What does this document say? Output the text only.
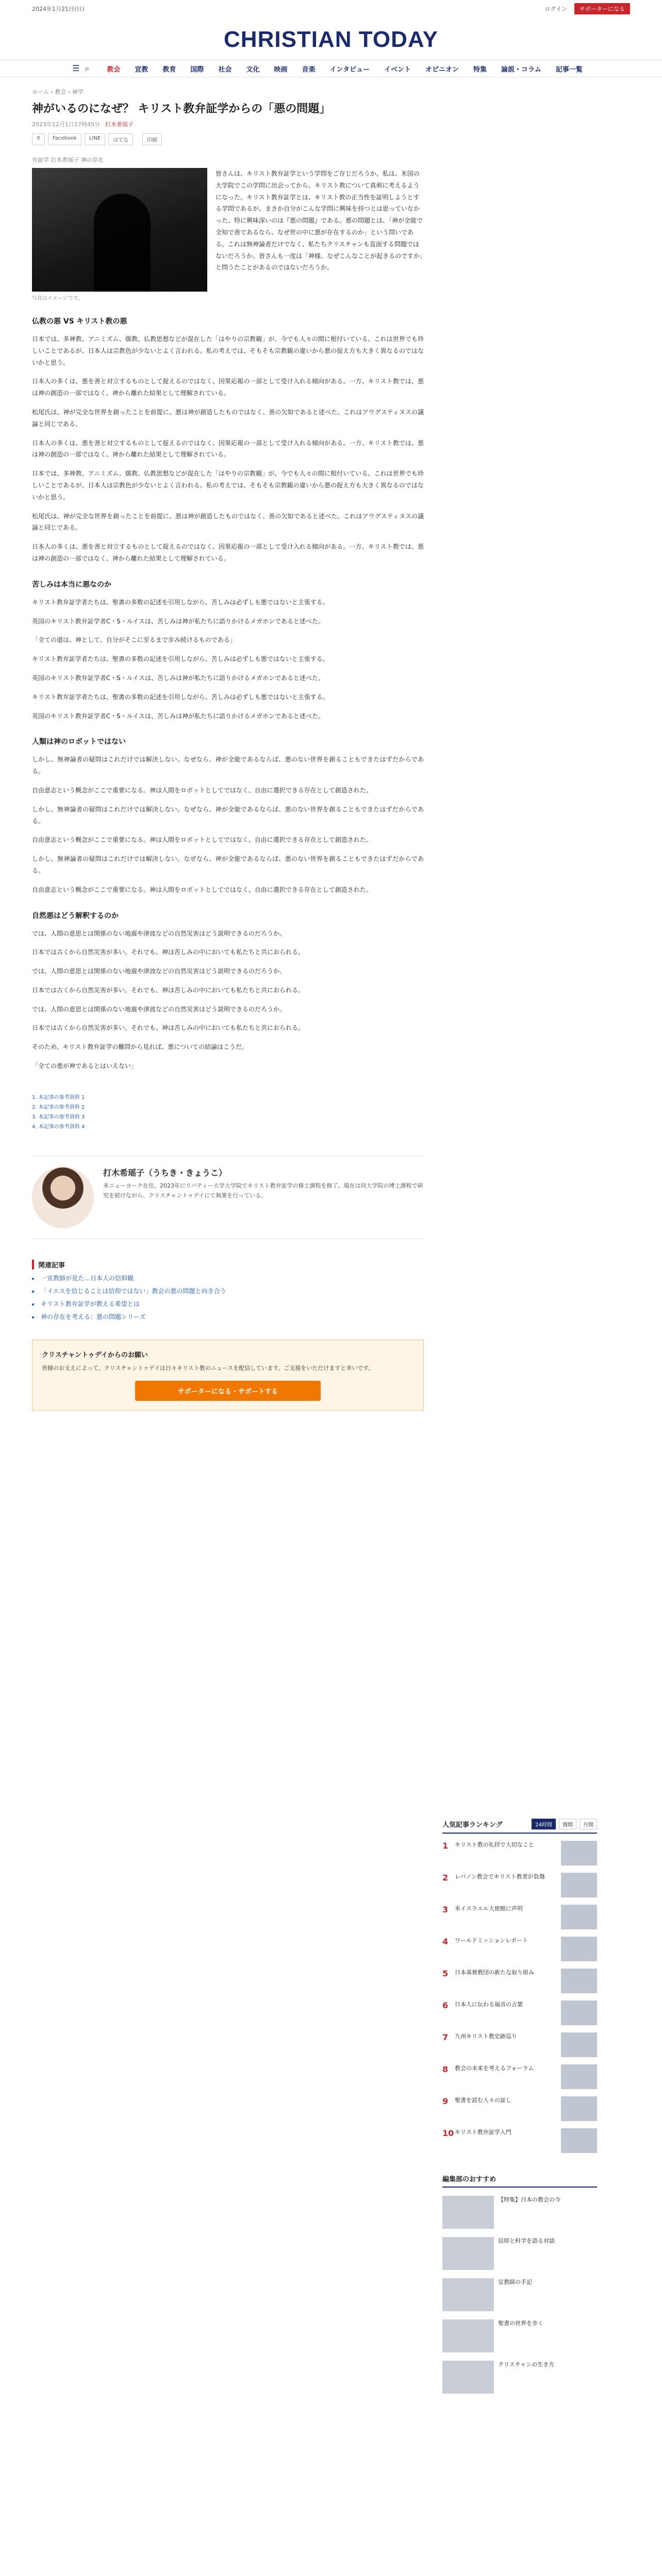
2024年1月21日(日)	ログイン	サポーターになる
CHRISTIAN TODAY
☰ ⌕	教会	宣教	教育	国際	社会	文化	映画	音楽	インタビュー	イベント	オピニオン	特集	論説・コラム	記事一覧
ホーム › 教会 › 神学
神がいるのになぜ？ キリスト教弁証学からの「悪の問題」
2023年12月1日17時45分 打木希瑶子
X	Facebook	LINE	はてな	印刷
弁証学 打木希瑶子 神の存在
写真はイメージです。

皆さんは、キリスト教弁証学という学問をご存じだろうか。私は、米国の大学院でこの学問に出会ってから、キリスト教について真剣に考えるようになった。キリスト教弁証学とは、キリスト教の正当性を証明しようとする学問であるが、まさか自分がこんな学問に興味を持つとは思っていなかった。特に興味深いのは『悪の問題』である。悪の問題とは、「神が全能で全知で善であるなら、なぜ世の中に悪が存在するのか」という問いである。これは無神論者だけでなく、私たちクリスチャンも直面する問題ではないだろうか。皆さんも一度は「神様、なぜこんなことが起きるのですか」と問うたことがあるのではないだろうか。

仏教の悪 VS キリスト教の悪

日本では、多神教、アニミズム、儒教、仏教思想などが混在した「はやりの宗教観」が、今でも人々の間に根付いている。これは世界でも珍しいことであるが、日本人は宗教色が少ないとよく言われる。私の考えでは、そもそも宗教観の違いから悪の捉え方も大きく異なるのではないかと思う。

日本人の多くは、悪を善と対立するものとして捉えるのではなく、因果応報の一部として受け入れる傾向がある。一方、キリスト教では、悪は神の創造の一部ではなく、神から離れた結果として理解されている。

松尾氏は、神が完全な世界を創ったことを前提に、悪は神が創造したものではなく、善の欠如であると述べた。これはアウグスティヌスの議論と同じである。

日本人の多くは、悪を善と対立するものとして捉えるのではなく、因果応報の一部として受け入れる傾向がある。一方、キリスト教では、悪は神の創造の一部ではなく、神から離れた結果として理解されている。

日本では、多神教、アニミズム、儒教、仏教思想などが混在した「はやりの宗教観」が、今でも人々の間に根付いている。これは世界でも珍しいことであるが、日本人は宗教色が少ないとよく言われる。私の考えでは、そもそも宗教観の違いから悪の捉え方も大きく異なるのではないかと思う。

松尾氏は、神が完全な世界を創ったことを前提に、悪は神が創造したものではなく、善の欠如であると述べた。これはアウグスティヌスの議論と同じである。

日本人の多くは、悪を善と対立するものとして捉えるのではなく、因果応報の一部として受け入れる傾向がある。一方、キリスト教では、悪は神の創造の一部ではなく、神から離れた結果として理解されている。

苦しみは本当に悪なのか

キリスト教弁証学者たちは、聖書の多数の記述を引用しながら、苦しみは必ずしも悪ではないと主張する。

英国のキリスト教弁証学者C・S・ルイスは、苦しみは神が私たちに語りかけるメガホンであると述べた。

「全ての道は、神として、自分がそこに至るまで歩み続けるものである」

キリスト教弁証学者たちは、聖書の多数の記述を引用しながら、苦しみは必ずしも悪ではないと主張する。

英国のキリスト教弁証学者C・S・ルイスは、苦しみは神が私たちに語りかけるメガホンであると述べた。

キリスト教弁証学者たちは、聖書の多数の記述を引用しながら、苦しみは必ずしも悪ではないと主張する。

英国のキリスト教弁証学者C・S・ルイスは、苦しみは神が私たちに語りかけるメガホンであると述べた。

人類は神のロボットではない

しかし、無神論者の疑問はこれだけでは解決しない。なぜなら、神が全能であるならば、悪のない世界を創ることもできたはずだからである。

自由意志という概念がここで重要になる。神は人間をロボットとしてではなく、自由に選択できる存在として創造された。

しかし、無神論者の疑問はこれだけでは解決しない。なぜなら、神が全能であるならば、悪のない世界を創ることもできたはずだからである。

自由意志という概念がここで重要になる。神は人間をロボットとしてではなく、自由に選択できる存在として創造された。

しかし、無神論者の疑問はこれだけでは解決しない。なぜなら、神が全能であるならば、悪のない世界を創ることもできたはずだからである。

自由意志という概念がここで重要になる。神は人間をロボットとしてではなく、自由に選択できる存在として創造された。

自然悪はどう解釈するのか

では、人間の意思とは関係のない地震や津波などの自然災害はどう説明できるのだろうか。

日本では古くから自然災害が多い。それでも、神は苦しみの中においても私たちと共におられる。

では、人間の意思とは関係のない地震や津波などの自然災害はどう説明できるのだろうか。

日本では古くから自然災害が多い。それでも、神は苦しみの中においても私たちと共におられる。

では、人間の意思とは関係のない地震や津波などの自然災害はどう説明できるのだろうか。

日本では古くから自然災害が多い。それでも、神は苦しみの中においても私たちと共におられる。

そのため、キリスト教弁証学の難問から見れば、悪についての結論はこうだ。

「全ての悪が神であるとはいえない」

1. 本記事の参考資料 1
2. 本記事の参考資料 2
3. 本記事の参考資料 3
4. 本記事の参考資料 4
打木希瑶子（うちき・きょうこ）
米ニューヨーク在住。2023年にリバティー大学大学院でキリスト教弁証学の修士課程を修了。現在は同大学院の博士課程で研究を続けながら、クリスチャントゥデイにて執筆を行っている。
関連記事
• 一宣教師が見た…日本人の信仰観
• 「イエスを信じることは信仰ではない」教会の悪の問題と向き合う
• キリスト教弁証学が教える希望とは
• 神の存在を考える：悪の問題シリーズ
クリスチャントゥデイからのお願い

皆様のお支えによって、クリスチャントゥデイは日々キリスト教のニュースを配信しています。ご支援をいただけますと幸いです。

サポーターになる・サポートする
人気記事ランキング	24時間	週間	月間
1	キリスト教の礼拝で大切なこと
2	レバノン教会でキリスト教者が負傷
3	米イスラエル大使館に声明
4	ワールドミッションレポート
5	日本基督教団の新たな取り組み
6	日本人に伝わる福音の言葉
7	九州キリスト教史跡巡り
8	教会の未来を考えるフォーラム
9	聖書を読む人々の証し
10 キリスト教弁証学入門
編集部のおすすめ
【特集】日本の教会の今
信仰と科学を語る対談
宣教師の手記
聖書の世界を歩く
クリスチャンの生き方
